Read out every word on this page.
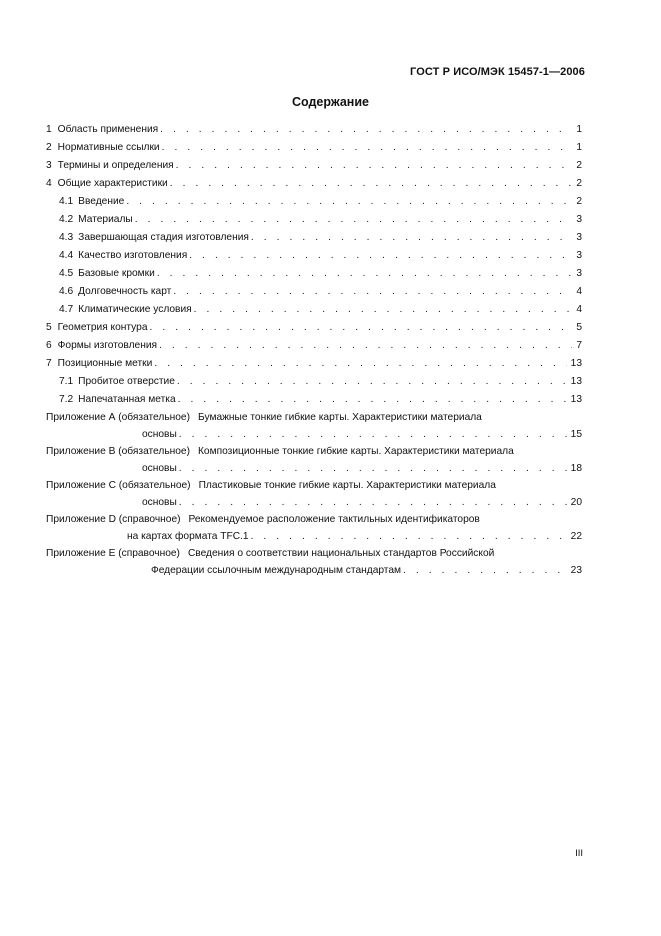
ГОСТ Р ИСО/МЭК 15457-1—2006
Содержание
1 Область применения . . .	1
2 Нормативные ссылки . . .	1
3 Термины и определения . . .	2
4 Общие характеристики . . .	2
4.1 Введение . . .	2
4.2 Материалы . . .	3
4.3 Завершающая стадия изготовления . . .	3
4.4 Качество изготовления . . .	3
4.5 Базовые кромки . . .	3
4.6 Долговечность карт . . .	4
4.7 Климатические условия . . .	4
5 Геометрия контура . . .	5
6 Формы изготовления . . .	7
7 Позиционные метки . . .	13
7.1 Пробитое отверстие . . .	13
7.2 Напечатанная метка . . .	13
Приложение А (обязательное) Бумажные тонкие гибкие карты. Характеристики материала
основы . . .	15
Приложение В (обязательное) Композиционные тонкие гибкие карты. Характеристики материала
основы . . .	18
Приложение С (обязательное) Пластиковые тонкие гибкие карты. Характеристики материала
основы . . .	20
Приложение D (справочное) Рекомендуемое расположение тактильных идентификаторов
на картах формата TFC.1 . . .	22
Приложение Е (справочное) Сведения о соответствии национальных стандартов Российской
Федерации ссылочным международным стандартам . . .	23
III
